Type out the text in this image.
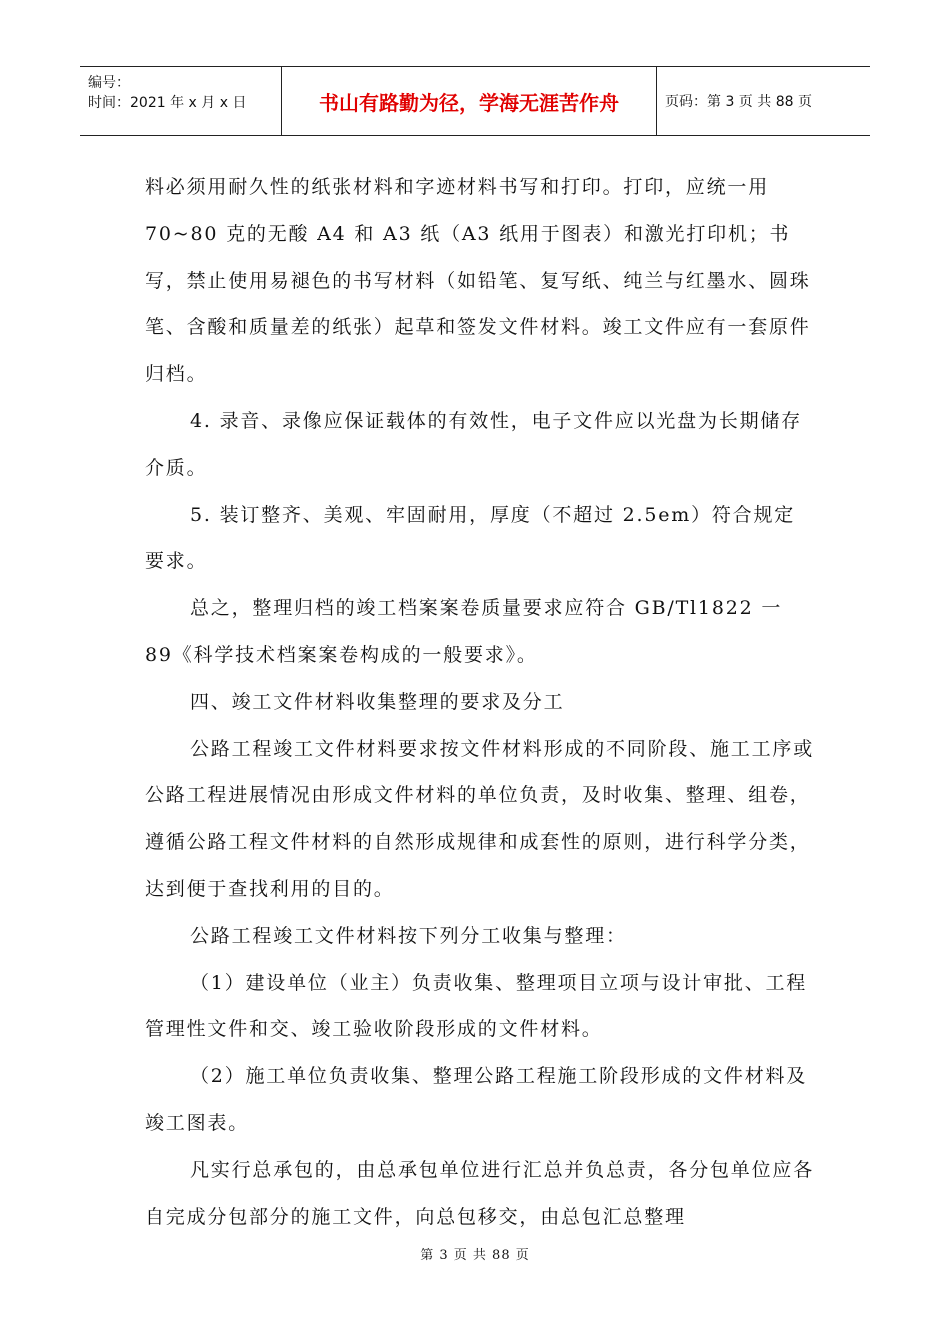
编号：
时间：2021 年 x 月 x 日	书山有路勤为径，学海无涯苦作舟	页码：第 3 页 共 88 页

料必须用耐久性的纸张材料和字迹材料书写和打印。打印，应统一用 70~80 克的无酸 A4 和 A3 纸（A3 纸用于图表）和激光打印机；书写，禁止使用易褪色的书写材料（如铅笔、复写纸、纯兰与红墨水、圆珠笔、含酸和质量差的纸张）起草和签发文件材料。竣工文件应有一套原件归档。

4. 录音、录像应保证载体的有效性，电子文件应以光盘为长期储存介质。

5. 装订整齐、美观、牢固耐用，厚度（不超过 2.5em）符合规定要求。

总之，整理归档的竣工档案案卷质量要求应符合 GB/Tl1822 一 89《科学技术档案案卷构成的一般要求》。

四、竣工文件材料收集整理的要求及分工

公路工程竣工文件材料要求按文件材料形成的不同阶段、施工工序或公路工程进展情况由形成文件材料的单位负责，及时收集、整理、组卷，遵循公路工程文件材料的自然形成规律和成套性的原则，进行科学分类，达到便于查找利用的目的。

公路工程竣工文件材料按下列分工收集与整理：

（1）建设单位（业主）负责收集、整理项目立项与设计审批、工程管理性文件和交、竣工验收阶段形成的文件材料。

（2）施工单位负责收集、整理公路工程施工阶段形成的文件材料及竣工图表。

凡实行总承包的，由总承包单位进行汇总并负总责，各分包单位应各自完成分包部分的施工文件，向总包移交，由总包汇总整理

第 3 页 共 88 页
